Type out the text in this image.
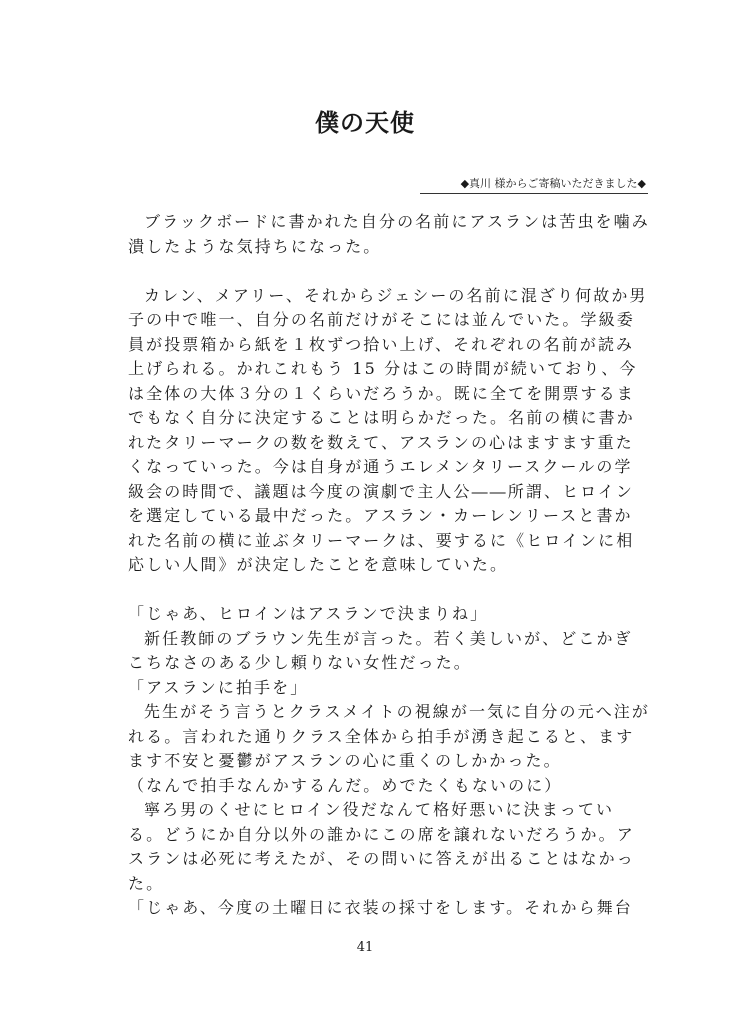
僕の天使
◆真川 様からご寄稿いただきました◆

ブラックボードに書かれた自分の名前にアスランは苦虫を噛み潰したような気持ちになった。

カレン、メアリー、それからジェシーの名前に混ざり何故か男子の中で唯一、自分の名前だけがそこには並んでいた。学級委員が投票箱から紙を１枚ずつ拾い上げ、それぞれの名前が読み上げられる。かれこれもう 15 分はこの時間が続いており、今は全体の大体３分の１くらいだろうか。既に全てを開票するまでもなく自分に決定することは明らかだった。名前の横に書かれたタリーマークの数を数えて、アスランの心はますます重たくなっていった。今は自身が通うエレメンタリースクールの学級会の時間で、議題は今度の演劇で主人公――所謂、ヒロインを選定している最中だった。アスラン・カーレンリースと書かれた名前の横に並ぶタリーマークは、要するに《ヒロインに相応しい人間》が決定したことを意味していた。

「じゃあ、ヒロインはアスランで決まりね」

新任教師のブラウン先生が言った。若く美しいが、どこかぎこちなさのある少し頼りない女性だった。

「アスランに拍手を」

先生がそう言うとクラスメイトの視線が一気に自分の元へ注がれる。言われた通りクラス全体から拍手が湧き起こると、ますます不安と憂鬱がアスランの心に重くのしかかった。

（なんで拍手なんかするんだ。めでたくもないのに）

寧ろ男のくせにヒロイン役だなんて格好悪いに決まっている。どうにか自分以外の誰かにこの席を譲れないだろうか。アスランは必死に考えたが、その問いに答えが出ることはなかった。

「じゃあ、今度の土曜日に衣装の採寸をします。それから舞台

41
